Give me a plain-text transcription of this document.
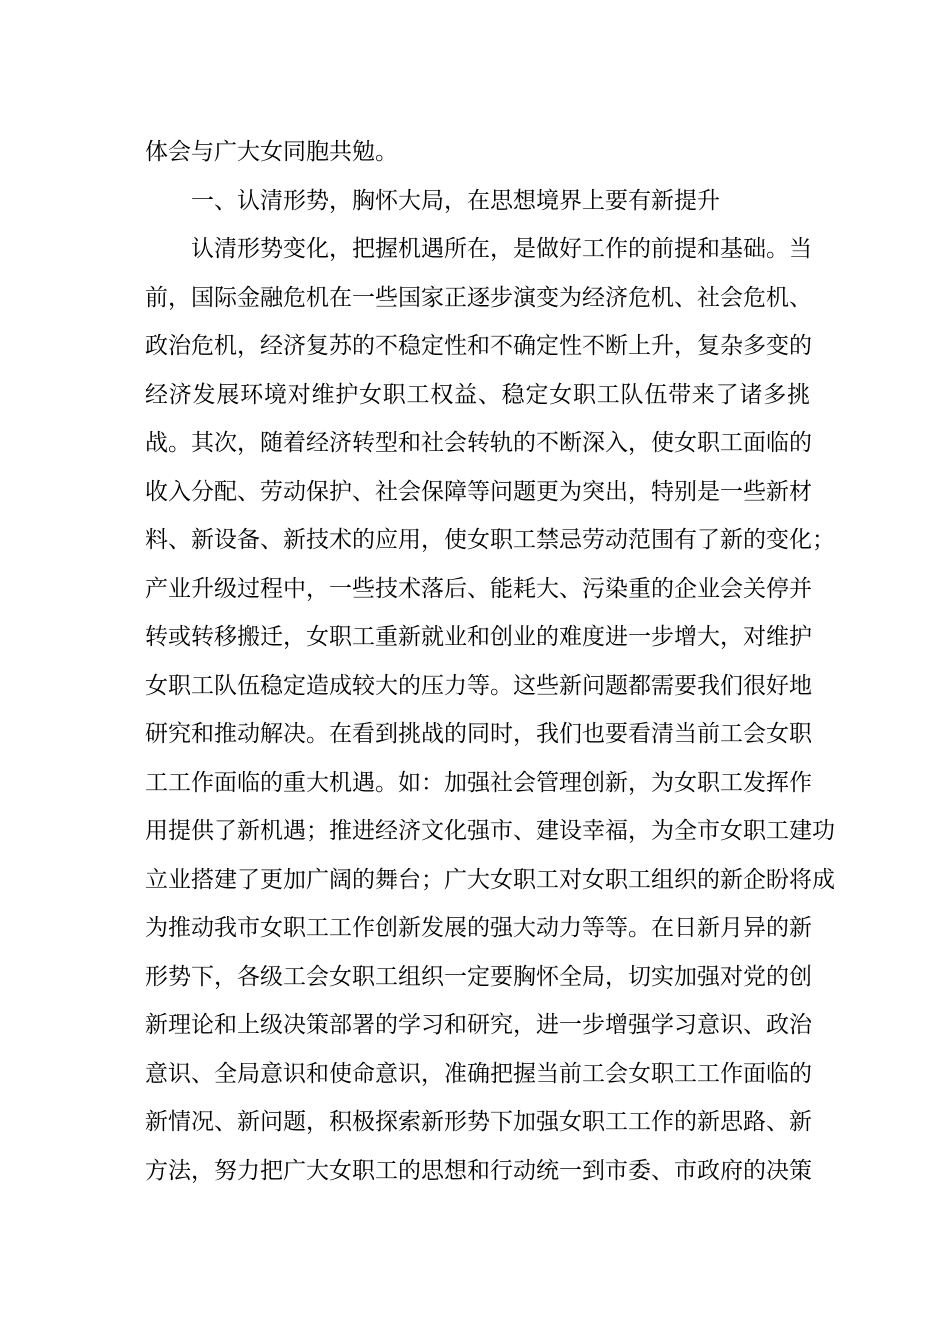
体会与广大女同胞共勉。
一、认清形势，胸怀大局，在思想境界上要有新提升
认清形势变化，把握机遇所在，是做好工作的前提和基础。当
前，国际金融危机在一些国家正逐步演变为经济危机、社会危机、
政治危机，经济复苏的不稳定性和不确定性不断上升，复杂多变的
经济发展环境对维护女职工权益、稳定女职工队伍带来了诸多挑
战。其次，随着经济转型和社会转轨的不断深入，使女职工面临的
收入分配、劳动保护、社会保障等问题更为突出，特别是一些新材
料、新设备、新技术的应用，使女职工禁忌劳动范围有了新的变化；
产业升级过程中，一些技术落后、能耗大、污染重的企业会关停并
转或转移搬迁，女职工重新就业和创业的难度进一步增大，对维护
女职工队伍稳定造成较大的压力等。这些新问题都需要我们很好地
研究和推动解决。在看到挑战的同时，我们也要看清当前工会女职
工工作面临的重大机遇。如：加强社会管理创新，为女职工发挥作
用提供了新机遇；推进经济文化强市、建设幸福，为全市女职工建功
立业搭建了更加广阔的舞台；广大女职工对女职工组织的新企盼将成
为推动我市女职工工作创新发展的强大动力等等。在日新月异的新
形势下，各级工会女职工组织一定要胸怀全局，切实加强对党的创
新理论和上级决策部署的学习和研究，进一步增强学习意识、政治
意识、全局意识和使命意识，准确把握当前工会女职工工作面临的
新情况、新问题，积极探索新形势下加强女职工工作的新思路、新
方法，努力把广大女职工的思想和行动统一到市委、市政府的决策
